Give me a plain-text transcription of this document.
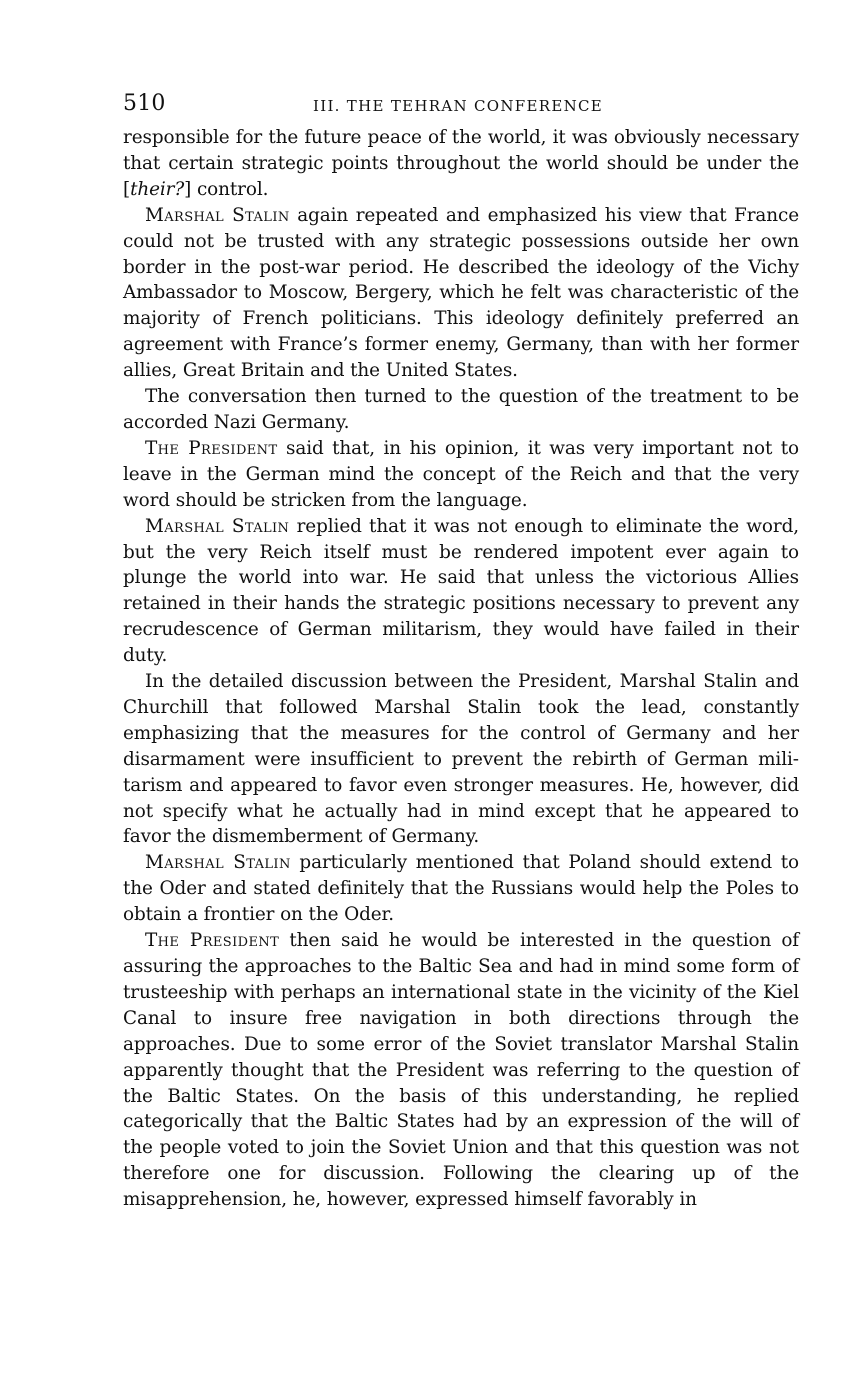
510	III. THE TEHRAN CONFERENCE

responsible for the future peace of the world, it was obviously necessary that certain strategic points throughout the world should be under the [their?] control.

Marshal Stalin again repeated and emphasized his view that France could not be trusted with any strategic possessions outside her own border in the post-war period. He described the ideology of the Vichy Ambassador to Moscow, Bergery, which he felt was characteristic of the majority of French politicians. This ideology definitely preferred an agreement with France’s former enemy, Germany, than with her former allies, Great Britain and the United States.

The conversation then turned to the question of the treatment to be accorded Nazi Germany.

The President said that, in his opinion, it was very important not to leave in the German mind the concept of the Reich and that the very word should be stricken from the language.

Marshal Stalin replied that it was not enough to eliminate the word, but the very Reich itself must be rendered impotent ever again to plunge the world into war. He said that unless the victorious Allies retained in their hands the strategic positions necessary to prevent any recrudescence of German militarism, they would have failed in their duty.

In the detailed discussion between the President, Marshal Stalin and Churchill that followed Marshal Stalin took the lead, constantly emphasizing that the measures for the control of Germany and her disarmament were insufficient to prevent the rebirth of German militarism and appeared to favor even stronger measures. He, however, did not specify what he actually had in mind except that he appeared to favor the dismemberment of Germany.

Marshal Stalin particularly mentioned that Poland should extend to the Oder and stated definitely that the Russians would help the Poles to obtain a frontier on the Oder.

The President then said he would be interested in the question of assuring the approaches to the Baltic Sea and had in mind some form of trusteeship with perhaps an international state in the vicinity of the Kiel Canal to insure free navigation in both directions through the approaches. Due to some error of the Soviet translator Marshal Stalin apparently thought that the President was referring to the question of the Baltic States. On the basis of this understanding, he replied categorically that the Baltic States had by an expression of the will of the people voted to join the Soviet Union and that this question was not therefore one for discussion. Following the clearing up of the misapprehension, he, however, expressed himself favorably in
